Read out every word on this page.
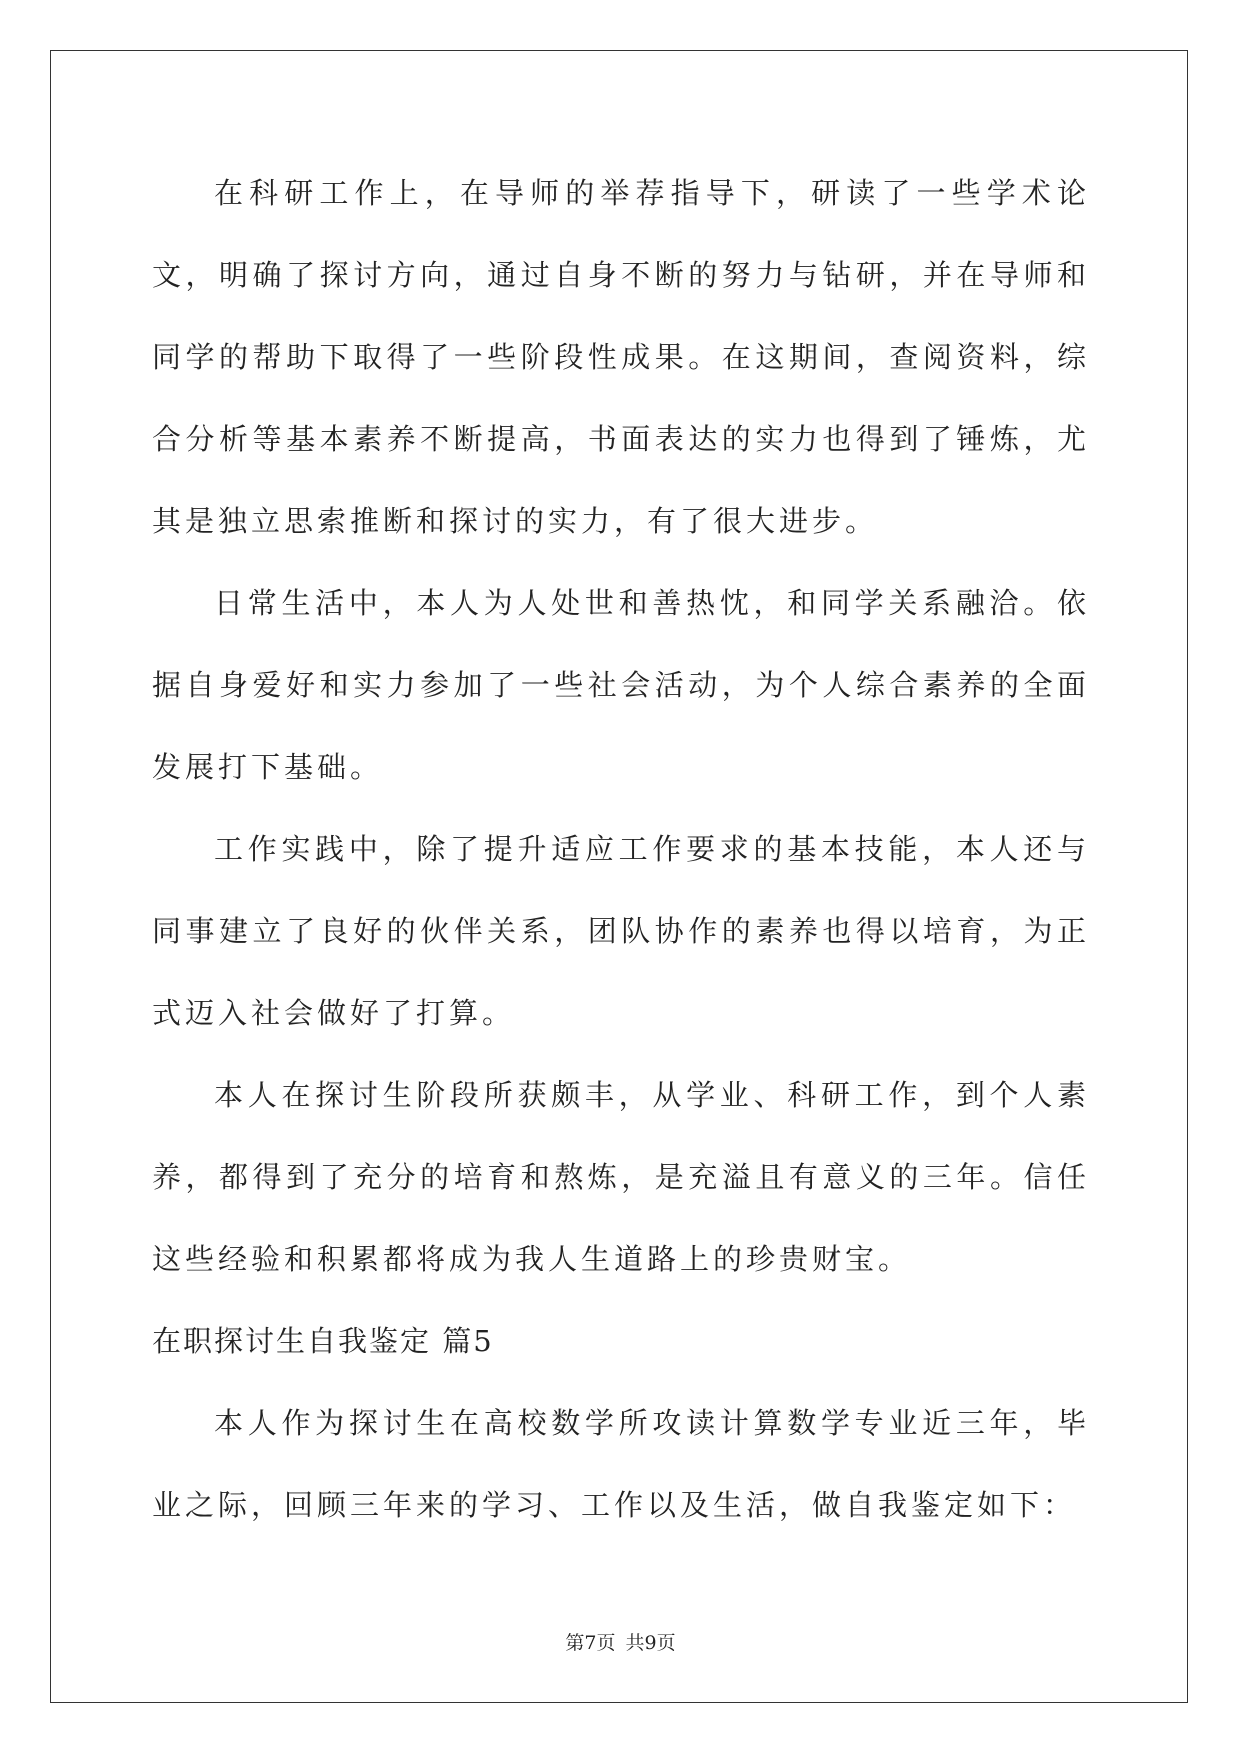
在科研工作上，在导师的举荐指导下，研读了一些学术论文，明确了探讨方向，通过自身不断的努力与钻研，并在导师和同学的帮助下取得了一些阶段性成果。在这期间，查阅资料，综合分析等基本素养不断提高，书面表达的实力也得到了锤炼，尤其是独立思索推断和探讨的实力，有了很大进步。

日常生活中，本人为人处世和善热忱，和同学关系融洽。依据自身爱好和实力参加了一些社会活动，为个人综合素养的全面发展打下基础。

工作实践中，除了提升适应工作要求的基本技能，本人还与同事建立了良好的伙伴关系，团队协作的素养也得以培育，为正式迈入社会做好了打算。

本人在探讨生阶段所获颇丰，从学业、科研工作，到个人素养，都得到了充分的培育和熬炼，是充溢且有意义的三年。信任这些经验和积累都将成为我人生道路上的珍贵财宝。

在职探讨生自我鉴定 篇5

本人作为探讨生在高校数学所攻读计算数学专业近三年，毕业之际，回顾三年来的学习、工作以及生活，做自我鉴定如下：

第7页 共9页
